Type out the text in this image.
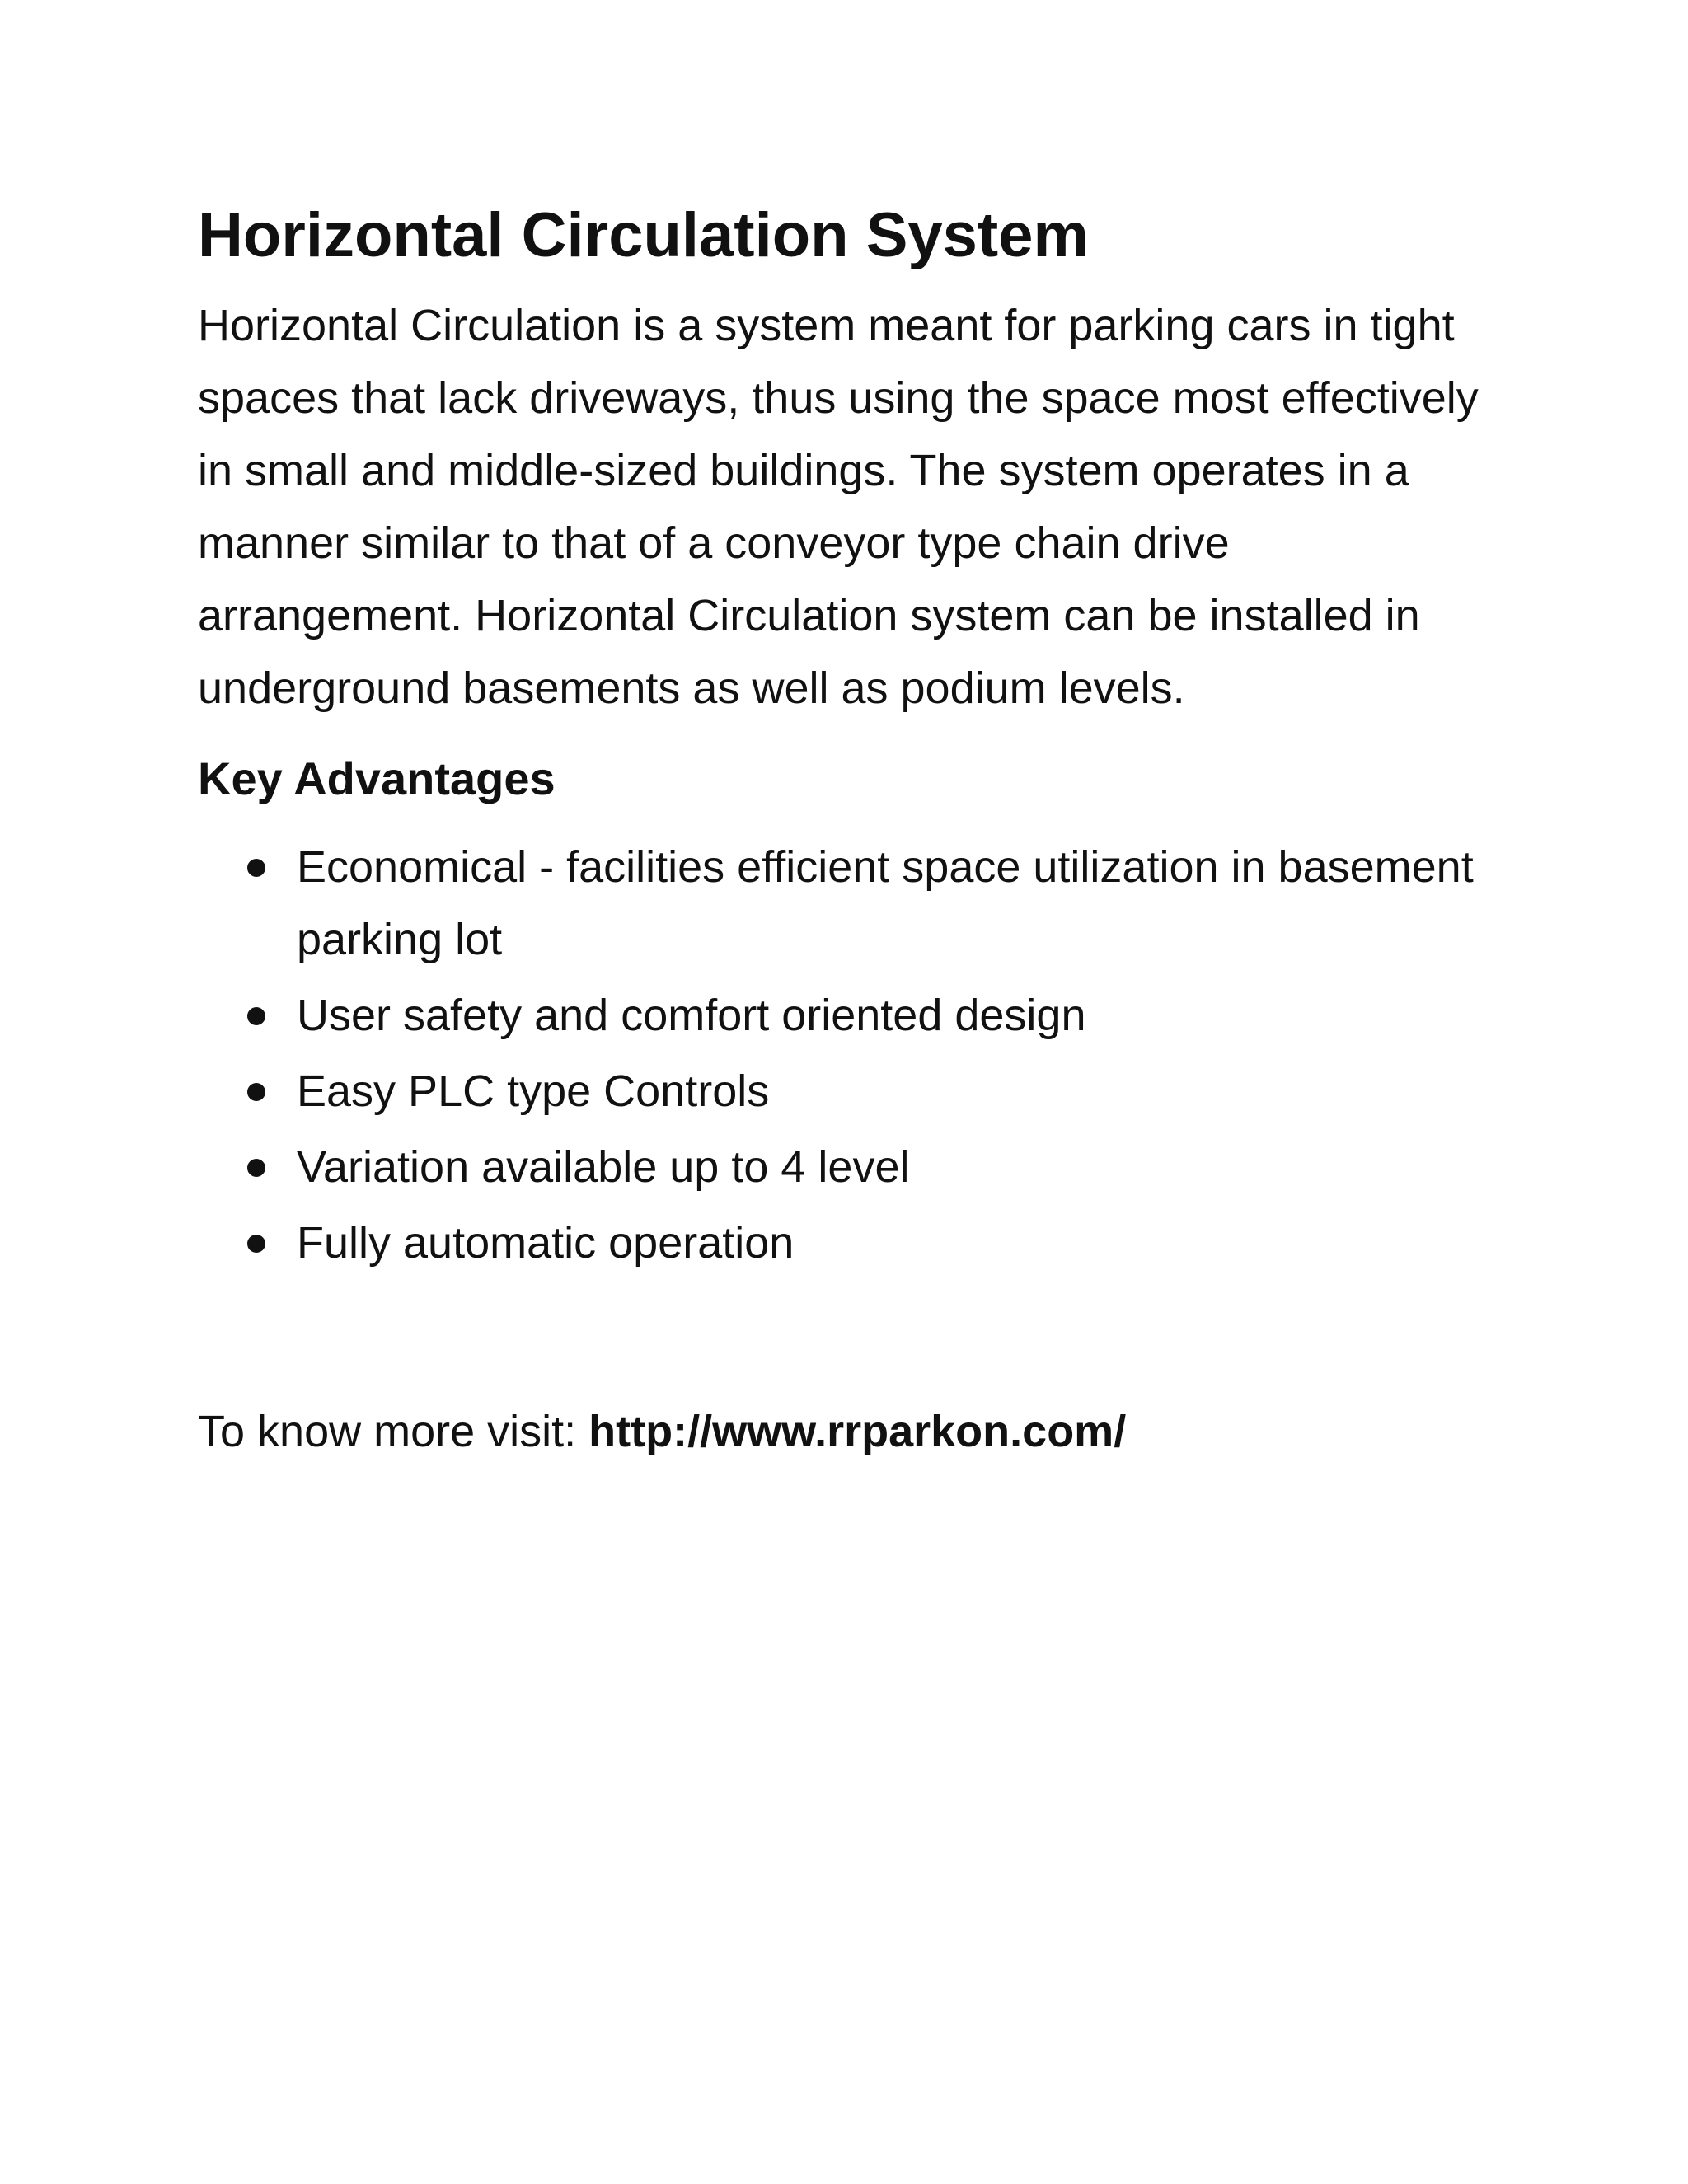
Horizontal Circulation System

Horizontal Circulation is a system meant for parking cars in tight spaces that lack driveways, thus using the space most effectively in small and middle-sized buildings. The system operates in a manner similar to that of a conveyor type chain drive arrangement. Horizontal Circulation system can be installed in underground basements as well as podium levels.

Key Advantages
Economical - facilities efficient space utilization in basement parking lot
User safety and comfort oriented design
Easy PLC type Controls
Variation available up to 4 level
Fully automatic operation
To know more visit: http://www.rrparkon.com/
